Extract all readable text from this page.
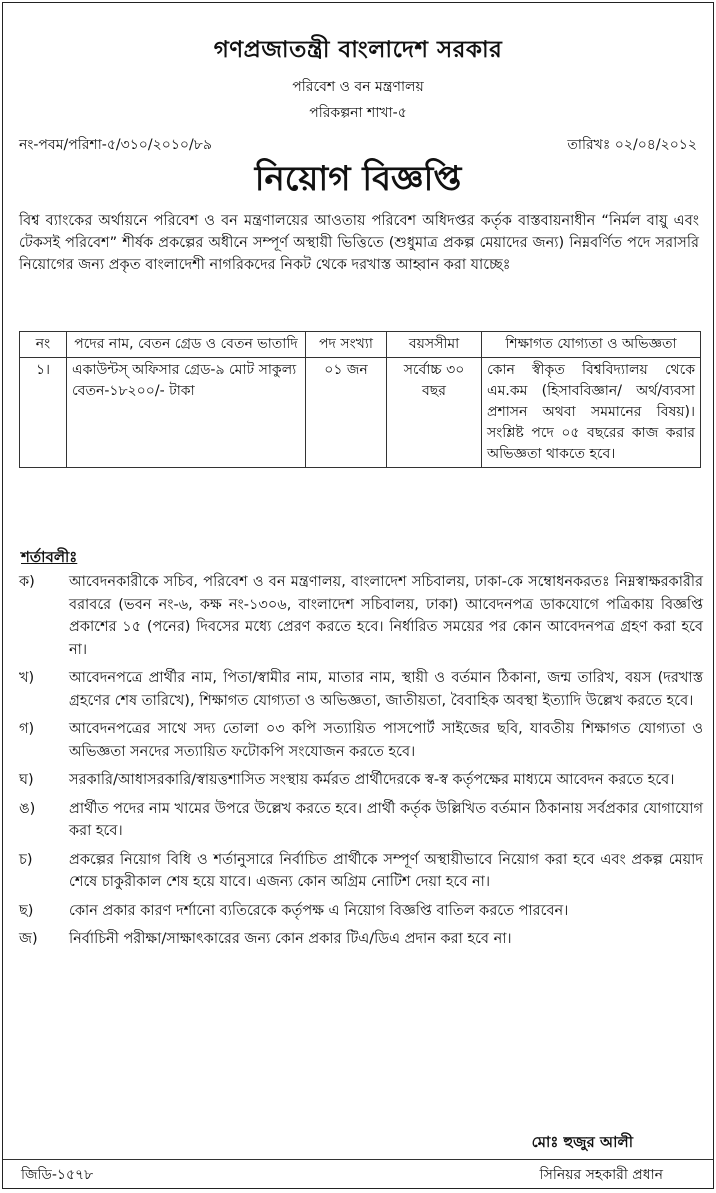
গণপ্রজাতন্ত্রী বাংলাদেশ সরকার
পরিবেশ ও বন মন্ত্রণালয়
পরিকল্পনা শাখা-৫
নং-পবম/পরিশা-৫/৩১০/২০১০/৮৯	তারিখঃ ০২/০৪/২০১২
নিয়োগ বিজ্ঞপ্তি
বিশ্ব ব্যাংকের অর্থায়নে পরিবেশ ও বন মন্ত্রণালয়ের আওতায় পরিবেশ অধিদপ্তর কর্তৃক বাস্তবায়নাধীন “নির্মল বায়ু এবং টেকসই পরিবেশ” শীর্ষক প্রকল্পের অধীনে সম্পূর্ণ অস্থায়ী ভিত্তিতে (শুধুমাত্র প্রকল্প মেয়াদের জন্য) নিম্নবর্ণিত পদে সরাসরি নিয়োগের জন্য প্রকৃত বাংলাদেশী নাগরিকদের নিকট থেকে দরখাস্ত আহ্বান করা যাচ্ছেঃ
নং	পদের নাম, বেতন গ্রেড ও বেতন ভাতাদি	পদ সংখ্যা	বয়সসীমা	শিক্ষাগত যোগ্যতা ও অভিজ্ঞতা
১।	একাউন্টস্ অফিসার গ্রেড-৯ মোট সাকুল্য বেতন-১৮২০০/- টাকা	০১ জন	সর্বোচ্চ ৩০ বছর	কোন স্বীকৃত বিশ্ববিদ্যালয় থেকে এম.কম (হিসাববিজ্ঞান/ অর্থ/ব্যবসা প্রশাসন অথবা সমমানের বিষয়)। সংশ্লিষ্ট পদে ০৫ বছরের কাজ করার অভিজ্ঞতা থাকতে হবে।
শর্তাবলীঃ
ক)	আবেদনকারীকে সচিব, পরিবেশ ও বন মন্ত্রণালয়, বাংলাদেশ সচিবালয়, ঢাকা-কে সম্বোধনকরতঃ নিম্নস্বাক্ষরকারীর বরাবরে (ভবন নং-৬, কক্ষ নং-১৩০৬, বাংলাদেশ সচিবালয়, ঢাকা) আবেদনপত্র ডাকযোগে পত্রিকায় বিজ্ঞপ্তি প্রকাশের ১৫ (পনের) দিবসের মধ্যে প্রেরণ করতে হবে। নির্ধারিত সময়ের পর কোন আবেদনপত্র গ্রহণ করা হবে না।
খ)	আবেদনপত্রে প্রার্থীর নাম, পিতা/স্বামীর নাম, মাতার নাম, স্থায়ী ও বর্তমান ঠিকানা, জন্ম তারিখ, বয়স (দরখাস্ত গ্রহণের শেষ তারিখে), শিক্ষাগত যোগ্যতা ও অভিজ্ঞতা, জাতীয়তা, বৈবাহিক অবস্থা ইত্যাদি উল্লেখ করতে হবে।
গ)	আবেদনপত্রের সাথে সদ্য তোলা ০৩ কপি সত্যায়িত পাসপোর্ট সাইজের ছবি, যাবতীয় শিক্ষাগত যোগ্যতা ও অভিজ্ঞতা সনদের সত্যায়িত ফটোকপি সংযোজন করতে হবে।
ঘ)	সরকারি/আধাসরকারি/স্বায়ত্তশাসিত সংস্থায় কর্মরত প্রার্থীদেরকে স্ব-স্ব কর্তৃপক্ষের মাধ্যমে আবেদন করতে হবে।
ঙ)	প্রার্থীত পদের নাম খামের উপরে উল্লেখ করতে হবে। প্রার্থী কর্তৃক উল্লিখিত বর্তমান ঠিকানায় সর্বপ্রকার যোগাযোগ করা হবে।
চ)	প্রকল্পের নিয়োগ বিধি ও শর্তানুসারে নির্বাচিত প্রার্থীকে সম্পূর্ণ অস্থায়ীভাবে নিয়োগ করা হবে এবং প্রকল্প মেয়াদ শেষে চাকুরীকাল শেষ হয়ে যাবে। এজন্য কোন অগ্রিম নোটিশ দেয়া হবে না।
ছ)	কোন প্রকার কারণ দর্শানো ব্যতিরেকে কর্তৃপক্ষ এ নিয়োগ বিজ্ঞপ্তি বাতিল করতে পারবেন।
জ)	নির্বাচিনী পরীক্ষা/সাক্ষাৎকারের জন্য কোন প্রকার টিএ/ডিএ প্রদান করা হবে না।
মোঃ হুজুর আলী
জিডি-১৫৭৮	সিনিয়র সহকারী প্রধান
